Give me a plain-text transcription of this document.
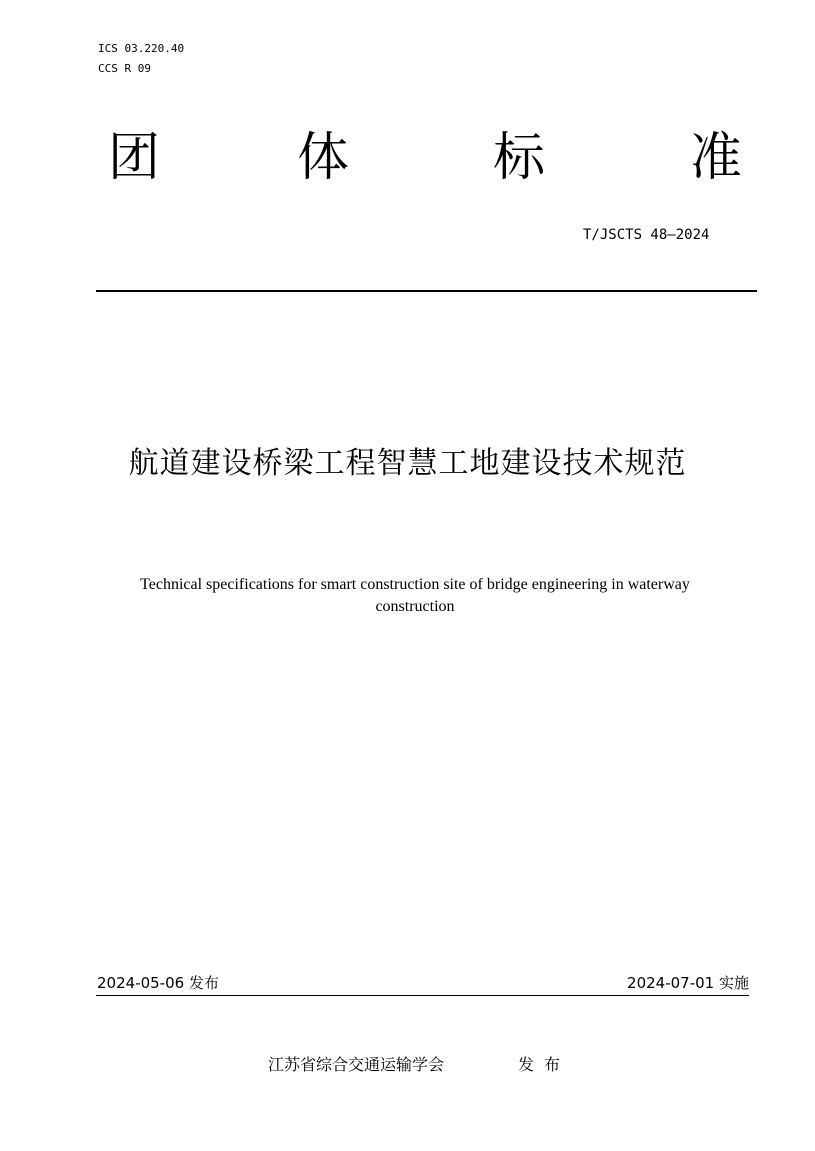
ICS 03.220.40
CCS R 09
团	体	标	准
T/JSCTS 48—2024
航道建设桥梁工程智慧工地建设技术规范
Technical specifications for smart construction site of bridge engineering in waterway construction
2024-05-06 发布	2024-07-01 实施
江苏省综合交通运输学会	发布
